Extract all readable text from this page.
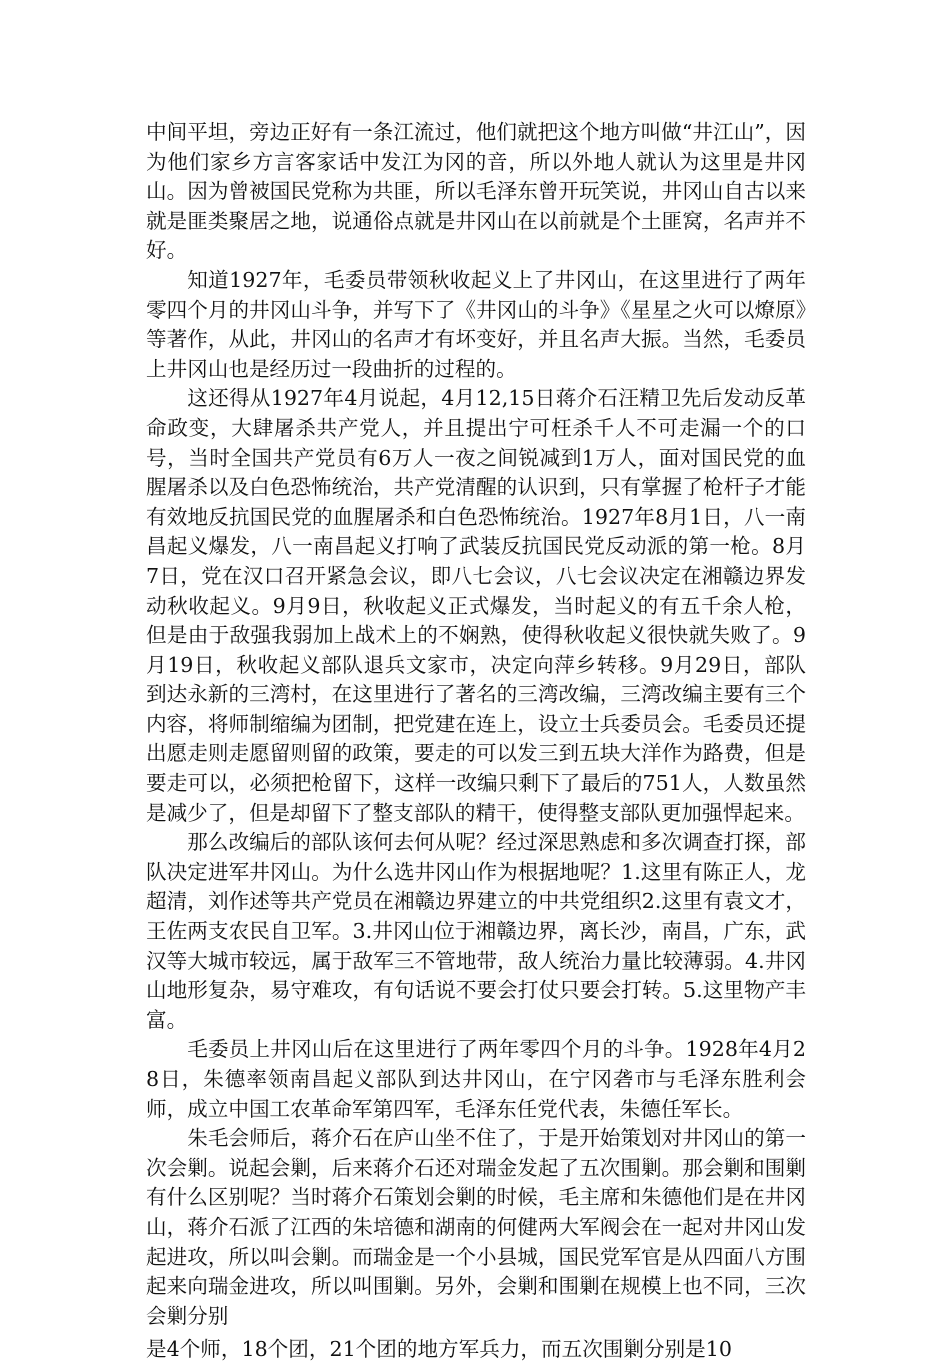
中间平坦，旁边正好有一条江流过，他们就把这个地方叫做“井江山”，因为他们家乡方言客家话中发江为冈的音，所以外地人就认为这里是井冈山。因为曾被国民党称为共匪，所以毛泽东曾开玩笑说，井冈山自古以来就是匪类聚居之地，说通俗点就是井冈山在以前就是个土匪窝，名声并不好。

知道1927年，毛委员带领秋收起义上了井冈山，在这里进行了两年零四个月的井冈山斗争，并写下了《井冈山的斗争》《星星之火可以燎原》等著作，从此，井冈山的名声才有坏变好，并且名声大振。当然，毛委员上井冈山也是经历过一段曲折的过程的。

这还得从1927年4月说起，4月12,15日蒋介石汪精卫先后发动反革命政变，大肆屠杀共产党人，并且提出宁可枉杀千人不可走漏一个的口号，当时全国共产党员有6万人一夜之间锐减到1万人，面对国民党的血腥屠杀以及白色恐怖统治，共产党清醒的认识到，只有掌握了枪杆子才能有效地反抗国民党的血腥屠杀和白色恐怖统治。1927年8月1日，八一南昌起义爆发，八一南昌起义打响了武装反抗国民党反动派的第一枪。8月7日，党在汉口召开紧急会议，即八七会议，八七会议决定在湘赣边界发动秋收起义。9月9日，秋收起义正式爆发，当时起义的有五千余人枪，但是由于敌强我弱加上战术上的不娴熟，使得秋收起义很快就失败了。9月19日，秋收起义部队退兵文家市，决定向萍乡转移。9月29日，部队到达永新的三湾村，在这里进行了著名的三湾改编，三湾改编主要有三个内容，将师制缩编为团制，把党建在连上，设立士兵委员会。毛委员还提出愿走则走愿留则留的政策，要走的可以发三到五块大洋作为路费，但是要走可以，必须把枪留下，这样一改编只剩下了最后的751人，人数虽然是减少了，但是却留下了整支部队的精干，使得整支部队更加强悍起来。

那么改编后的部队该何去何从呢？经过深思熟虑和多次调查打探，部队决定进军井冈山。为什么选井冈山作为根据地呢？1.这里有陈正人，龙超清，刘作述等共产党员在湘赣边界建立的中共党组织2.这里有袁文才，王佐两支农民自卫军。3.井冈山位于湘赣边界，离长沙，南昌，广东，武汉等大城市较远，属于敌军三不管地带，敌人统治力量比较薄弱。4.井冈山地形复杂，易守难攻，有句话说不要会打仗只要会打转。5.这里物产丰富。

毛委员上井冈山后在这里进行了两年零四个月的斗争。1928年4月28日，朱德率领南昌起义部队到达井冈山，在宁冈砻市与毛泽东胜利会师，成立中国工农革命军第四军，毛泽东任党代表，朱德任军长。

朱毛会师后，蒋介石在庐山坐不住了，于是开始策划对井冈山的第一次会剿。说起会剿，后来蒋介石还对瑞金发起了五次围剿。那会剿和围剿有什么区别呢？当时蒋介石策划会剿的时候，毛主席和朱德他们是在井冈山，蒋介石派了江西的朱培德和湖南的何健两大军阀会在一起对井冈山发起进攻，所以叫会剿。而瑞金是一个小县城，国民党军官是从四面八方围起来向瑞金进攻，所以叫围剿。另外，会剿和围剿在规模上也不同，三次会剿分别

是4个师，18个团，21个团的地方军兵力，而五次围剿分别是10
